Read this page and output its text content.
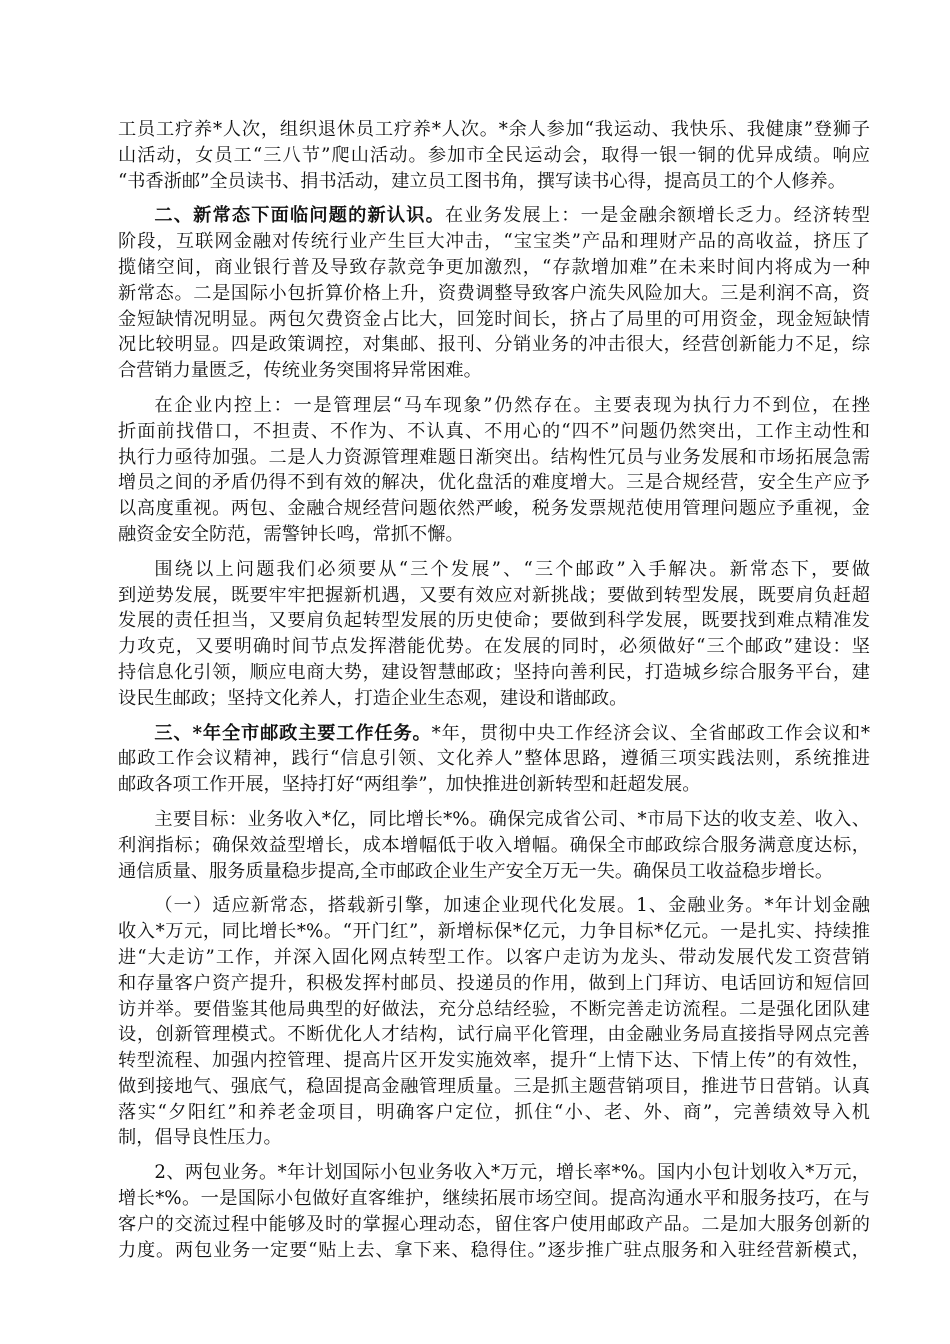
工员工疗养*人次，组织退休员工疗养*人次。*余人参加“我运动、我快乐、我健康”登狮子
山活动，女员工“三八节”爬山活动。参加市全民运动会，取得一银一铜的优异成绩。响应
“书香浙邮”全员读书、捐书活动，建立员工图书角，撰写读书心得，提高员工的个人修养。
二、新常态下面临问题的新认识。在业务发展上：一是金融余额增长乏力。经济转型
阶段，互联网金融对传统行业产生巨大冲击，“宝宝类”产品和理财产品的高收益，挤压了
揽储空间，商业银行普及导致存款竞争更加激烈，“存款增加难”在未来时间内将成为一种
新常态。二是国际小包折算价格上升，资费调整导致客户流失风险加大。三是利润不高，资
金短缺情况明显。两包欠费资金占比大，回笼时间长，挤占了局里的可用资金，现金短缺情
况比较明显。四是政策调控，对集邮、报刊、分销业务的冲击很大，经营创新能力不足，综
合营销力量匮乏，传统业务突围将异常困难。
在企业内控上：一是管理层“马车现象”仍然存在。主要表现为执行力不到位，在挫
折面前找借口，不担责、不作为、不认真、不用心的“四不”问题仍然突出，工作主动性和
执行力亟待加强。二是人力资源管理难题日渐突出。结构性冗员与业务发展和市场拓展急需
增员之间的矛盾仍得不到有效的解决，优化盘活的难度增大。三是合规经营，安全生产应予
以高度重视。两包、金融合规经营问题依然严峻，税务发票规范使用管理问题应予重视，金
融资金安全防范，需警钟长鸣，常抓不懈。
围绕以上问题我们必须要从“三个发展”、“三个邮政”入手解决。新常态下，要做
到逆势发展，既要牢牢把握新机遇，又要有效应对新挑战；要做到转型发展，既要肩负赶超
发展的责任担当，又要肩负起转型发展的历史使命；要做到科学发展，既要找到难点精准发
力攻克，又要明确时间节点发挥潜能优势。在发展的同时，必须做好“三个邮政”建设：坚
持信息化引领，顺应电商大势，建设智慧邮政；坚持向善利民，打造城乡综合服务平台，建
设民生邮政；坚持文化养人，打造企业生态观，建设和谐邮政。
三、*年全市邮政主要工作任务。*年，贯彻中央工作经济会议、全省邮政工作会议和*
邮政工作会议精神，践行“信息引领、文化养人”整体思路，遵循三项实践法则，系统推进
邮政各项工作开展，坚持打好“两组拳”，加快推进创新转型和赶超发展。
主要目标：业务收入*亿，同比增长*%。确保完成省公司、*市局下达的收支差、收入、
利润指标；确保效益型增长，成本增幅低于收入增幅。确保全市邮政综合服务满意度达标，
通信质量、服务质量稳步提高,全市邮政企业生产安全万无一失。确保员工收益稳步增长。
（一）适应新常态，搭载新引擎，加速企业现代化发展。1、金融业务。*年计划金融
收入*万元，同比增长*%。“开门红”，新增标保*亿元，力争目标*亿元。一是扎实、持续推
进“大走访”工作，并深入固化网点转型工作。以客户走访为龙头、带动发展代发工资营销
和存量客户资产提升，积极发挥村邮员、投递员的作用，做到上门拜访、电话回访和短信回
访并举。要借鉴其他局典型的好做法，充分总结经验，不断完善走访流程。二是强化团队建
设，创新管理模式。不断优化人才结构，试行扁平化管理，由金融业务局直接指导网点完善
转型流程、加强内控管理、提高片区开发实施效率，提升“上情下达、下情上传”的有效性，
做到接地气、强底气，稳固提高金融管理质量。三是抓主题营销项目，推进节日营销。认真
落实“夕阳红”和养老金项目，明确客户定位，抓住“小、老、外、商”，完善绩效导入机
制，倡导良性压力。
2、两包业务。*年计划国际小包业务收入*万元，增长率*%。国内小包计划收入*万元，
增长*%。一是国际小包做好直客维护，继续拓展市场空间。提高沟通水平和服务技巧，在与
客户的交流过程中能够及时的掌握心理动态，留住客户使用邮政产品。二是加大服务创新的
力度。两包业务一定要“贴上去、拿下来、稳得住。”逐步推广驻点服务和入驻经营新模式，
